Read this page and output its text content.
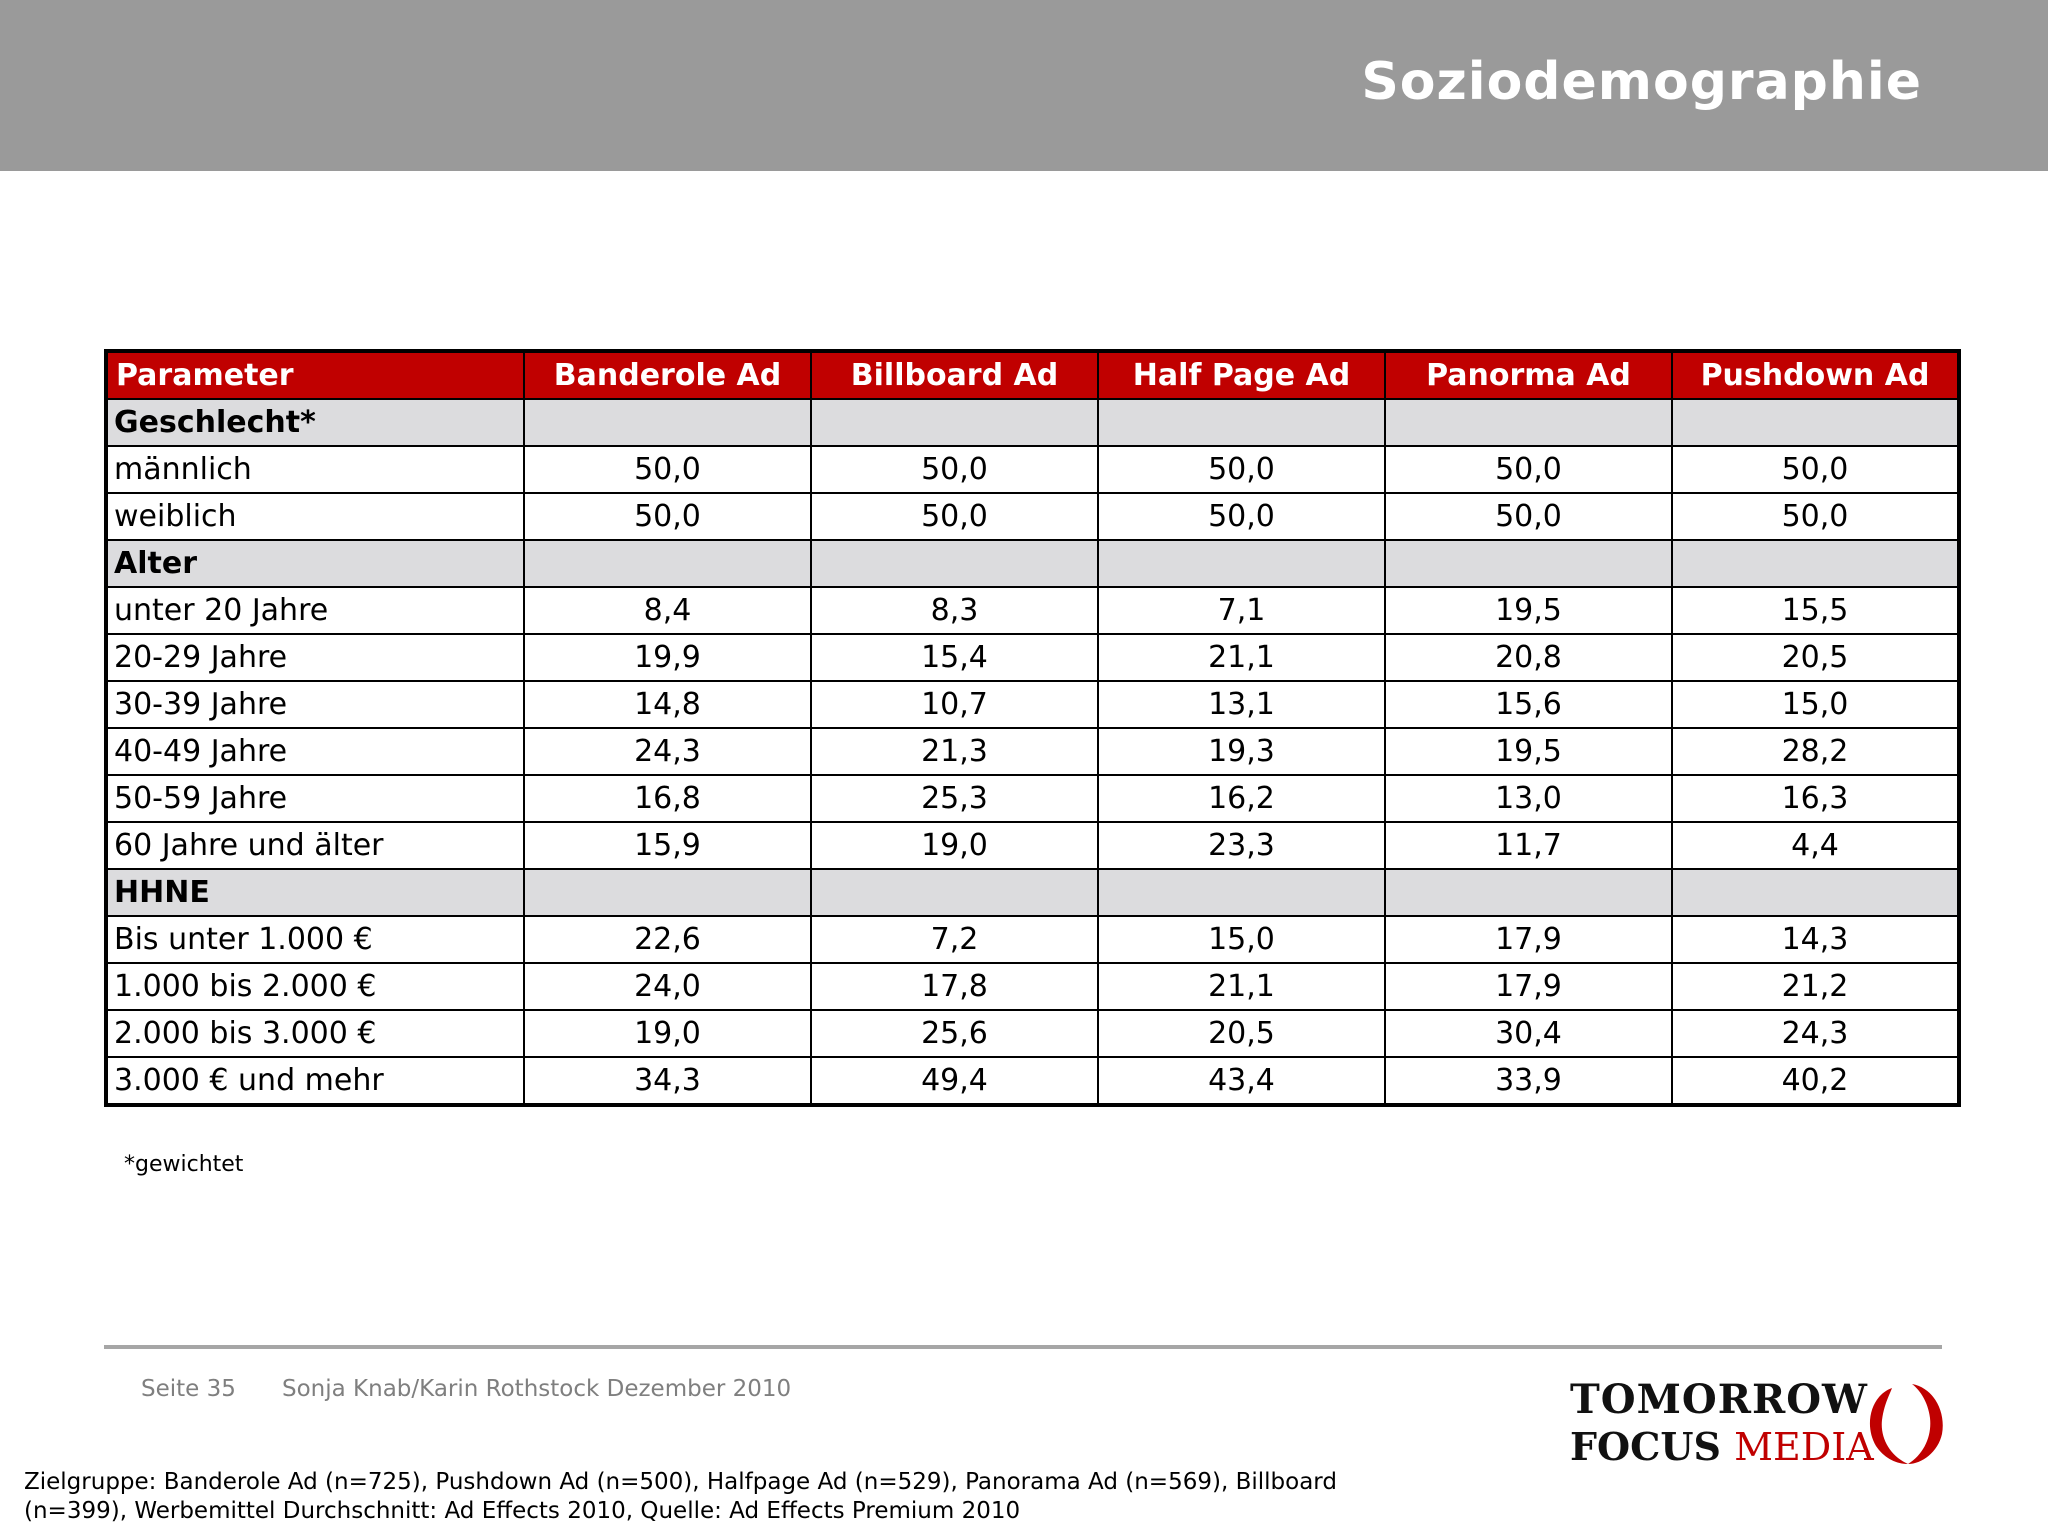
Soziodemographie
Parameter	Banderole Ad	Billboard Ad	Half Page Ad	Panorma Ad	Pushdown Ad
Geschlecht*					
männlich	50,0	50,0	50,0	50,0	50,0
weiblich	50,0	50,0	50,0	50,0	50,0
Alter					
unter 20 Jahre	8,4	8,3	7,1	19,5	15,5
20-29 Jahre	19,9	15,4	21,1	20,8	20,5
30-39 Jahre	14,8	10,7	13,1	15,6	15,0
40-49 Jahre	24,3	21,3	19,3	19,5	28,2
50-59 Jahre	16,8	25,3	16,2	13,0	16,3
60 Jahre und älter	15,9	19,0	23,3	11,7	4,4
HHNE					
Bis unter 1.000 €	22,6	7,2	15,0	17,9	14,3
1.000 bis 2.000 €	24,0	17,8	21,1	17,9	21,2
2.000 bis 3.000 €	19,0	25,6	20,5	30,4	24,3
3.000 € und mehr	34,3	49,4	43,4	33,9	40,2
*gewichtet
Seite 35 Sonja Knab/Karin Rothstock Dezember 2010	TOMORROW
FOCUS MEDIA
Zielgruppe: Banderole Ad (n=725), Pushdown Ad (n=500), Halfpage Ad (n=529), Panorama Ad (n=569), Billboard (n=399), Werbemittel Durchschnitt: Ad Effects 2010, Quelle: Ad Effects Premium 2010
